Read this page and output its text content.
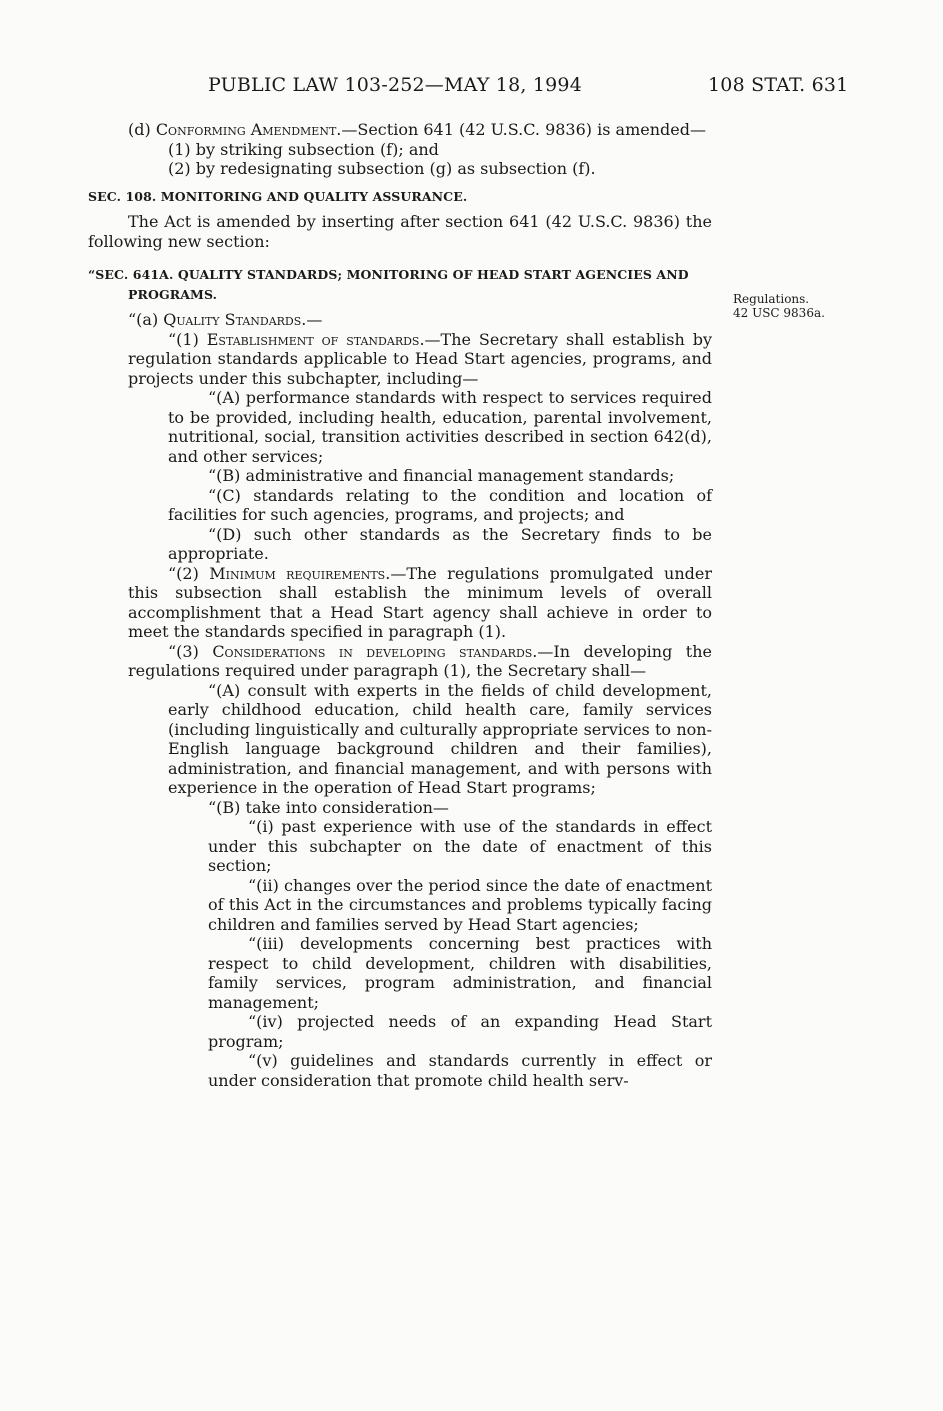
PUBLIC LAW 103-252—MAY 18, 1994	108 STAT. 631
Regulations.
42 USC 9836a.

(d) Conforming Amendment.—Section 641 (42 U.S.C. 9836) is amended—

(1) by striking subsection (f); and

(2) by redesignating subsection (g) as subsection (f).

SEC. 108. MONITORING AND QUALITY ASSURANCE.

The Act is amended by inserting after section 641 (42 U.S.C. 9836) the following new section:

“SEC. 641A. QUALITY STANDARDS; MONITORING OF HEAD START AGENCIES AND PROGRAMS.

“(a) Quality Standards.—

“(1) Establishment of standards.—The Secretary shall establish by regulation standards applicable to Head Start agencies, programs, and projects under this subchapter, including—

“(A) performance standards with respect to services required to be provided, including health, education, parental involvement, nutritional, social, transition activities described in section 642(d), and other services;

“(B) administrative and financial management standards;

“(C) standards relating to the condition and location of facilities for such agencies, programs, and projects; and

“(D) such other standards as the Secretary finds to be appropriate.

“(2) Minimum requirements.—The regulations promulgated under this subsection shall establish the minimum levels of overall accomplishment that a Head Start agency shall achieve in order to meet the standards specified in paragraph (1).

“(3) Considerations in developing standards.—In developing the regulations required under paragraph (1), the Secretary shall—

“(A) consult with experts in the fields of child development, early childhood education, child health care, family services (including linguistically and culturally appropriate services to non-English language background children and their families), administration, and financial management, and with persons with experience in the operation of Head Start programs;

“(B) take into consideration—

“(i) past experience with use of the standards in effect under this subchapter on the date of enactment of this section;

“(ii) changes over the period since the date of enactment of this Act in the circumstances and problems typically facing children and families served by Head Start agencies;

“(iii) developments concerning best practices with respect to child development, children with disabilities, family services, program administration, and financial management;

“(iv) projected needs of an expanding Head Start program;

“(v) guidelines and standards currently in effect or under consideration that promote child health serv-
